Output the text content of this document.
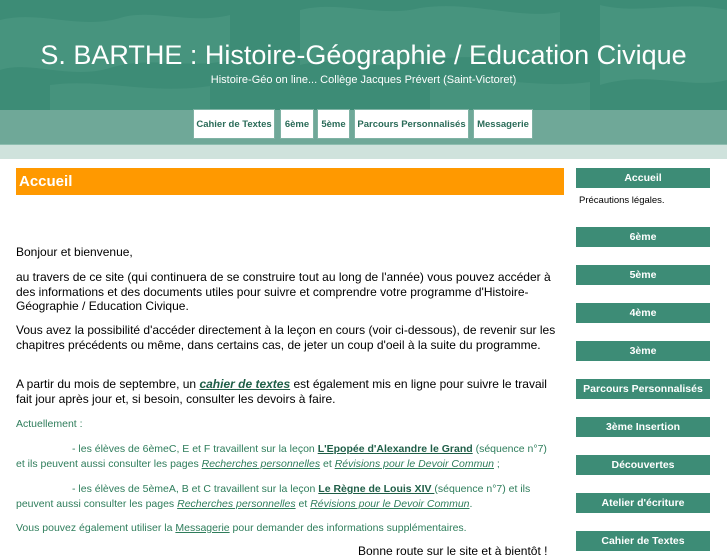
S. BARTHE : Histoire-Géographie / Education Civique
Histoire-Géo on line... Collège Jacques Prévert (Saint-Victoret)
Cahier de Textes	6ème	5ème	Parcours Personnalisés	Messagerie
Accueil
Bonjour et bienvenue,
au travers de ce site (qui continuera de se construire tout au long de l'année) vous pouvez accéder à des informations et des documents utiles pour suivre et comprendre votre programme d'Histoire-Géographie / Education Civique.
Vous avez la possibilité d'accéder directement à la leçon en cours (voir ci-dessous), de revenir sur les chapitres précédents ou même, dans certains cas, de jeter un coup d'oeil à la suite du programme.
A partir du mois de septembre, un cahier de textes est également mis en ligne pour suivre le travail fait jour après jour et, si besoin, consulter les devoirs à faire.
Actuellement :
- les élèves de 6èmeC, E et F travaillent sur la leçon L'Epopée d'Alexandre le Grand (séquence n°7) et ils peuvent aussi consulter les pages Recherches personnelles et Révisions pour le Devoir Commun ;
- les élèves de 5èmeA, B et C travaillent sur la leçon Le Règne de Louis XIV (séquence n°7) et ils peuvent aussi consulter les pages Recherches personnelles et Révisions pour le Devoir Commun.
Vous pouvez également utiliser la Messagerie pour demander des informations supplémentaires.
Bonne route sur le site et à bientôt !
Accueil
Précautions légales.
6ème
5ème
4ème
3ème
Parcours Personnalisés
3ème Insertion
Découvertes
Atelier d'écriture
Cahier de Textes
